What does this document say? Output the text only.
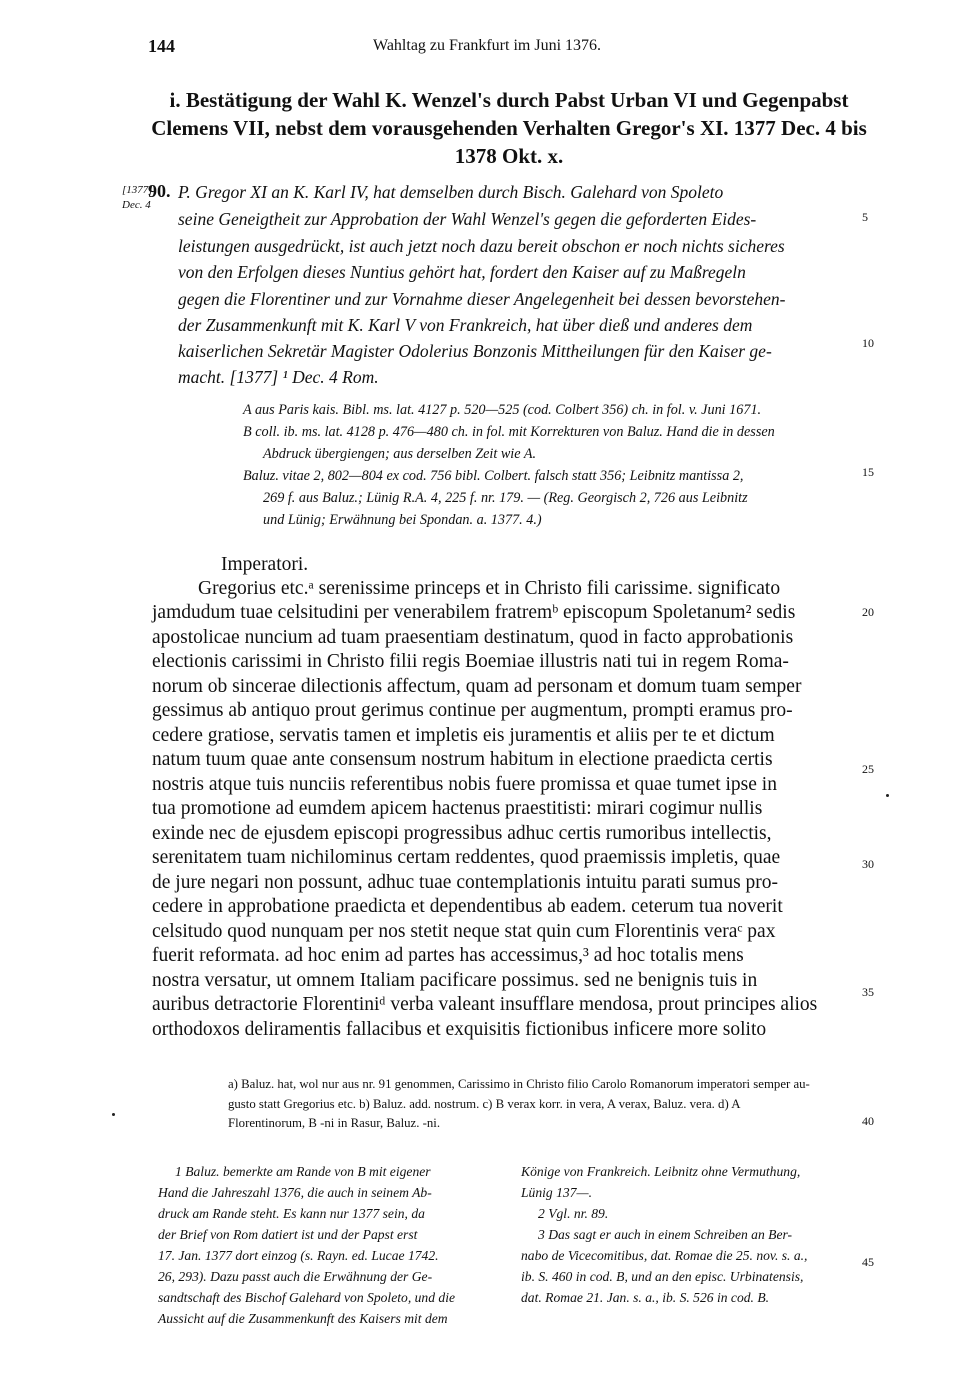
144	Wahltag zu Frankfurt im Juni 1376.
i. Bestätigung der Wahl K. Wenzel's durch Pabst Urban VI und Gegenpabst Clemens VII, nebst dem vorausgehenden Verhalten Gregor's XI. 1377 Dec. 4 bis 1378 Okt. x.
[1377]
Dec. 4
5
10
15
20
25
30
35
40
45
90. P. Gregor XI an K. Karl IV, hat demselben durch Bisch. Galehard von Spoleto
seine Geneigtheit zur Approbation der Wahl Wenzel's gegen die geforderten Eides-
leistungen ausgedrückt, ist auch jetzt noch dazu bereit obschon er noch nichts sicheres
von den Erfolgen dieses Nuntius gehört hat, fordert den Kaiser auf zu Maßregeln
gegen die Florentiner und zur Vornahme dieser Angelegenheit bei dessen bevorstehen-
der Zusammenkunft mit K. Karl V von Frankreich, hat über dieß und anderes dem
kaiserlichen Sekretär Magister Odolerius Bonzonis Mittheilungen für den Kaiser ge-
macht. [1377] ¹ Dec. 4 Rom.
A aus Paris kais. Bibl. ms. lat. 4127 p. 520—525 (cod. Colbert 356) ch. in fol. v. Juni 1671.
B coll. ib. ms. lat. 4128 p. 476—480 ch. in fol. mit Korrekturen von Baluz. Hand die in dessen
Abdruck übergiengen; aus derselben Zeit wie A.
Baluz. vitae 2, 802—804 ex cod. 756 bibl. Colbert. falsch statt 356; Leibnitz mantissa 2,
269 f. aus Baluz.; Lünig R.A. 4, 225 f. nr. 179. — (Reg. Georgisch 2, 726 aus Leibnitz
und Lünig; Erwähnung bei Spondan. a. 1377. 4.)
Imperatori.
Gregorius etc.ᵃ serenissime princeps et in Christo fili carissime. significato
jamdudum tuae celsitudini per venerabilem fratremᵇ episcopum Spoletanum² sedis
apostolicae nuncium ad tuam praesentiam destinatum, quod in facto approbationis
electionis carissimi in Christo filii regis Boemiae illustris nati tui in regem Roma-
norum ob sincerae dilectionis affectum, quam ad personam et domum tuam semper
gessimus ab antiquo prout gerimus continue per augmentum, prompti eramus pro-
cedere gratiose, servatis tamen et impletis eis juramentis et aliis per te et dictum
natum tuum quae ante consensum nostrum habitum in electione praedicta certis
nostris atque tuis nunciis referentibus nobis fuere promissa et quae tumet ipse in
tua promotione ad eumdem apicem hactenus praestitisti: mirari cogimur nullis
exinde nec de ejusdem episcopi progressibus adhuc certis rumoribus intellectis,
serenitatem tuam nichilominus certam reddentes, quod praemissis impletis, quae
de jure negari non possunt, adhuc tuae contemplationis intuitu parati sumus pro-
cedere in approbatione praedicta et dependentibus ab eadem. ceterum tua noverit
celsitudo quod nunquam per nos stetit neque stat quin cum Florentinis veraᶜ pax
fuerit reformata. ad hoc enim ad partes has accessimus,³ ad hoc totalis mens
nostra versatur, ut omnem Italiam pacificare possimus. sed ne benignis tuis in
auribus detractorie Florentiniᵈ verba valeant insufflare mendosa, prout principes alios
orthodoxos deliramentis fallacibus et exquisitis fictionibus inficere more solito
a) Baluz. hat, wol nur aus nr. 91 genommen, Carissimo in Christo filio Carolo Romanorum imperatori semper au-
gusto statt Gregorius etc. b) Baluz. add. nostrum. c) B verax korr. in vera, A verax, Baluz. vera. d) A
Florentinorum, B -ni in Rasur, Baluz. -ni.
1 Baluz. bemerkte am Rande von B mit eigener
Hand die Jahreszahl 1376, die auch in seinem Ab-
druck am Rande steht. Es kann nur 1377 sein, da
der Brief von Rom datiert ist und der Papst erst
17. Jan. 1377 dort einzog (s. Rayn. ed. Lucae 1742.
26, 293). Dazu passt auch die Erwähnung der Ge-
sandtschaft des Bischof Galehard von Spoleto, und die
Aussicht auf die Zusammenkunft des Kaisers mit dem
Könige von Frankreich. Leibnitz ohne Vermuthung,
Lünig 137—.
2 Vgl. nr. 89.
3 Das sagt er auch in einem Schreiben an Ber-
nabo de Vicecomitibus, dat. Romae die 25. nov. s. a.,
ib. S. 460 in cod. B, und an den episc. Urbinatensis,
dat. Romae 21. Jan. s. a., ib. S. 526 in cod. B.
